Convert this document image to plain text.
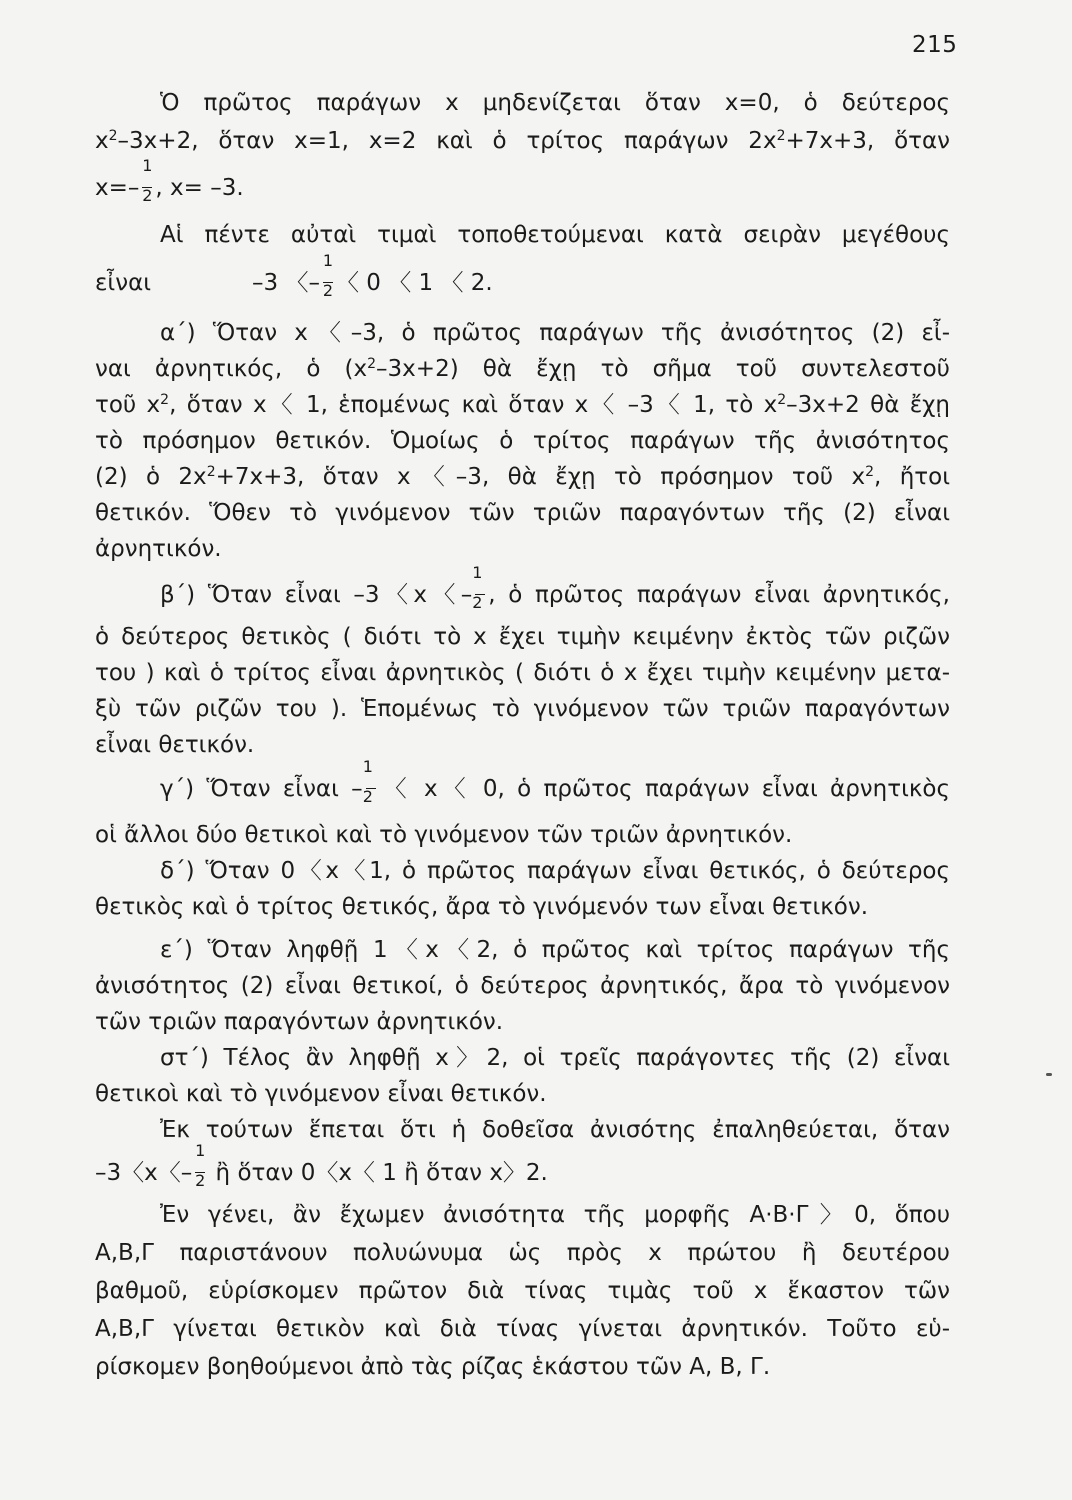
215
Ὁ πρῶτος παράγων x μηδενίζεται ὅταν x=0, ὁ δεύτερος
$x^2-3x+2$, ὅταν x=1, x=2 καὶ ὁ τρίτος παράγων $2x^2+7x+3$, ὅταν
$x=- \frac{1}{2}$ , x= –3.
Αἱ πέντε αὐταὶ τιμαὶ τοποθετούμεναι κατὰ σειρὰν μεγέθους
εἶναι	–3 〈– $\frac{1}{2}$ 〈 0 〈 1 〈 2.
α΄) Ὅταν x〈–3, ὁ πρῶτος παράγων τῆς ἀνισότητος (2) εἶ-
ναι ἀρνητικός, ὁ $(x^2-3x+2)$ θὰ ἔχῃ τὸ σῆμα τοῦ συντελεστοῦ
τοῦ $x^2$, ὅταν x〈 1, ἑπομένως καὶ ὅταν x〈 –3〈 1, τὸ $x^2-3x+2$ θὰ ἔχῃ
τὸ πρόσημον θετικόν. Ὁμοίως ὁ τρίτος παράγων τῆς ἀνισότητος
(2) ὁ $2x^2+7x+3$, ὅταν x〈–3, θὰ ἔχῃ τὸ πρόσημον τοῦ $x^2$, ἤτοι
θετικόν. Ὅθεν τὸ γινόμενον τῶν τριῶν παραγόντων τῆς (2) εἶναι
ἀρνητικόν.
β΄) Ὅταν εἶναι –3〈x〈– $\frac{1}{2}$ , ὁ πρῶτος παράγων εἶναι ἀρνητικός,
ὁ δεύτερος θετικὸς ( διότι τὸ x ἔχει τιμὴν κειμένην ἐκτὸς τῶν ριζῶν
του ) καὶ ὁ τρίτος εἶναι ἀρνητικὸς ( διότι ὁ x ἔχει τιμὴν κειμένην μετα-
ξὺ τῶν ριζῶν του ). Ἑπομένως τὸ γινόμενον τῶν τριῶν παραγόντων
εἶναι θετικόν.
γ΄) Ὅταν εἶναι – $\frac{1}{2}$ 〈 x〈 0, ὁ πρῶτος παράγων εἶναι ἀρνητικὸς
οἱ ἄλλοι δύο θετικοὶ καὶ τὸ γινόμενον τῶν τριῶν ἀρνητικόν.
δ΄) Ὅταν 0〈x〈1, ὁ πρῶτος παράγων εἶναι θετικός, ὁ δεύτερος
θετικὸς καὶ ὁ τρίτος θετικός, ἄρα τὸ γινόμενόν των εἶναι θετικόν.
ε΄) Ὅταν ληφθῇ 1〈x〈2, ὁ πρῶτος καὶ τρίτος παράγων τῆς
ἀνισότητος (2) εἶναι θετικοί, ὁ δεύτερος ἀρνητικός, ἄρα τὸ γινόμενον
τῶν τριῶν παραγόντων ἀρνητικόν.
στ΄) Τέλος ἂν ληφθῇ x〉2, οἱ τρεῖς παράγοντες τῆς (2) εἶναι
θετικοὶ καὶ τὸ γινόμενον εἶναι θετικόν.
Ἐκ τούτων ἕπεται ὅτι ἡ δοθεῖσα ἀνισότης ἐπαληθεύεται, ὅταν
–3〈x〈– $\frac{1}{2}$ ἢ ὅταν 0〈x〈 1 ἢ ὅταν x〉2.
Ἐν γένει, ἂν ἔχωμεν ἀνισότητα τῆς μορφῆς Α·Β·Γ〉0, ὅπου
Α,Β,Γ παριστάνουν πολυώνυμα ὡς πρὸς x πρώτου ἢ δευτέρου
βαθμοῦ, εὑρίσκομεν πρῶτον διὰ τίνας τιμὰς τοῦ x ἕκαστον τῶν
Α,Β,Γ γίνεται θετικὸν καὶ διὰ τίνας γίνεται ἀρνητικόν. Τοῦτο εὑ-
ρίσκομεν βοηθούμενοι ἀπὸ τὰς ρίζας ἑκάστου τῶν Α, Β, Γ.
